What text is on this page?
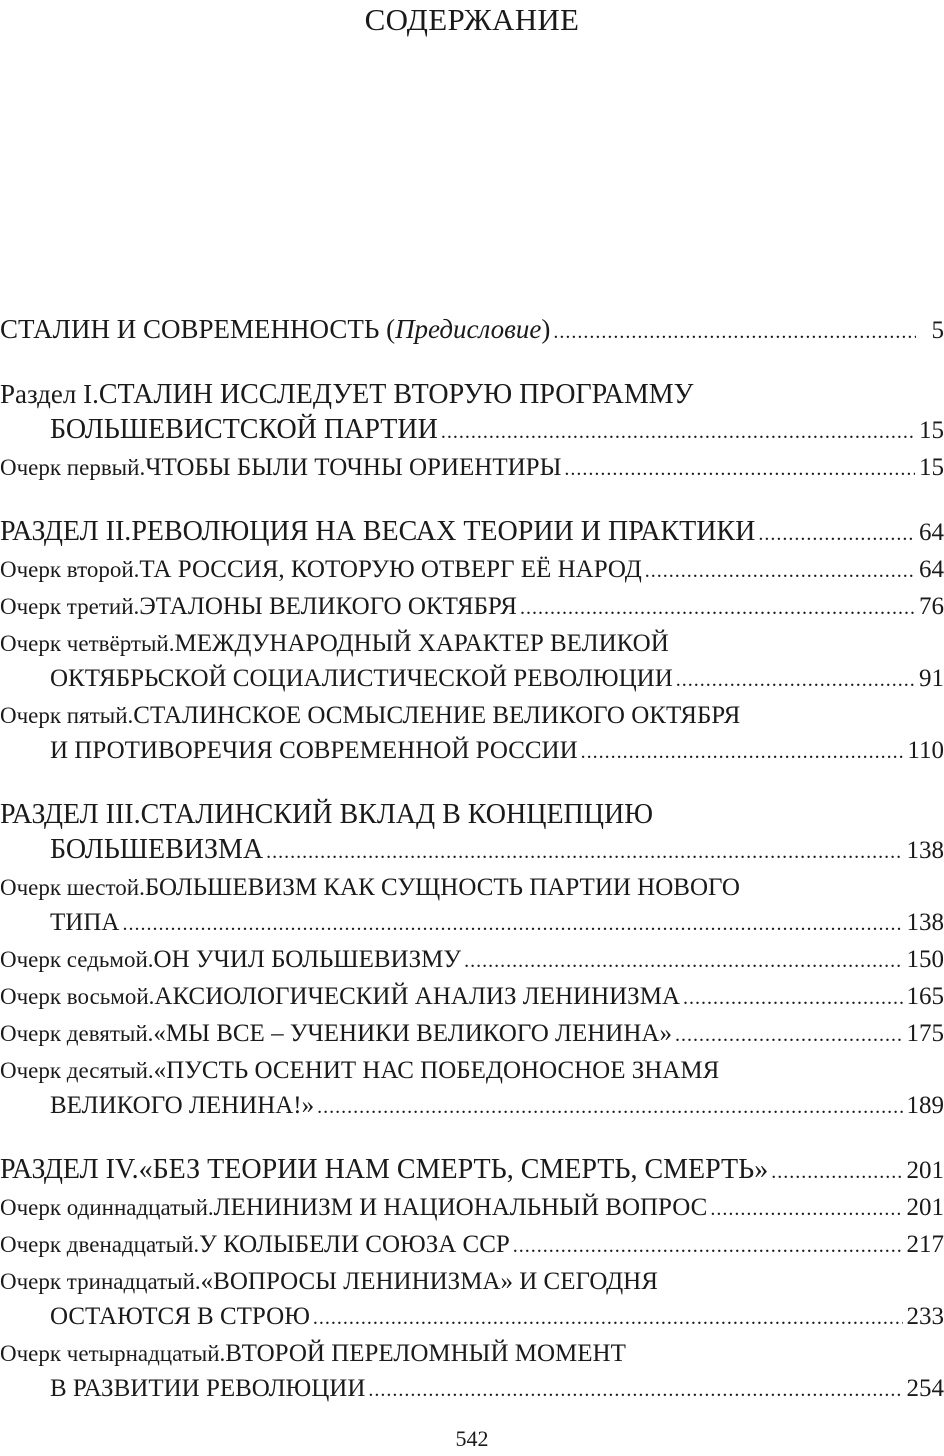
СОДЕРЖАНИЕ
СТАЛИН И СОВРЕМЕННОСТЬ (Предисловие) .....	5
Раздел I. СТАЛИН ИССЛЕДУЕТ ВТОРУЮ ПРОГРАММУ
БОЛЬШЕВИСТСКОЙ ПАРТИИ .....	15
Очерк первый. ЧТОБЫ БЫЛИ ТОЧНЫ ОРИЕНТИРЫ .....	15
РАЗДЕЛ II. РЕВОЛЮЦИЯ НА ВЕСАХ ТЕОРИИ И ПРАКТИКИ .....	64
Очерк второй. ТА РОССИЯ, КОТОРУЮ ОТВЕРГ ЕЁ НАРОД .....	64
Очерк третий. ЭТАЛОНЫ ВЕЛИКОГО ОКТЯБРЯ .....	76
Очерк четвёртый. МЕЖДУНАРОДНЫЙ ХАРАКТЕР ВЕЛИКОЙ
ОКТЯБРЬСКОЙ СОЦИАЛИСТИЧЕСКОЙ РЕВОЛЮЦИИ .....	91
Очерк пятый. СТАЛИНСКОЕ ОСМЫСЛЕНИЕ ВЕЛИКОГО ОКТЯБРЯ
И ПРОТИВОРЕЧИЯ СОВРЕМЕННОЙ РОССИИ .....	110
РАЗДЕЛ III. СТАЛИНСКИЙ ВКЛАД В КОНЦЕПЦИЮ
БОЛЬШЕВИЗМА .....	138
Очерк шестой. БОЛЬШЕВИЗМ КАК СУЩНОСТЬ ПАРТИИ НОВОГО
ТИПА .....	138
Очерк седьмой. ОН УЧИЛ БОЛЬШЕВИЗМУ .....	150
Очерк восьмой. АКСИОЛОГИЧЕСКИЙ АНАЛИЗ ЛЕНИНИЗМА .....	165
Очерк девятый. «МЫ ВСЕ – УЧЕНИКИ ВЕЛИКОГО ЛЕНИНА» .....	175
Очерк десятый. «ПУСТЬ ОСЕНИТ НАС ПОБЕДОНОСНОЕ ЗНАМЯ
ВЕЛИКОГО ЛЕНИНА!» .....	189
РАЗДЕЛ IV. «БЕЗ ТЕОРИИ НАМ СМЕРТЬ, СМЕРТЬ, СМЕРТЬ» .....	201
Очерк одиннадцатый. ЛЕНИНИЗМ И НАЦИОНАЛЬНЫЙ ВОПРОС .....	201
Очерк двенадцатый. У КОЛЫБЕЛИ СОЮЗА ССР .....	217
Очерк тринадцатый. «ВОПРОСЫ ЛЕНИНИЗМА» И СЕГОДНЯ
ОСТАЮТСЯ В СТРОЮ .....	233
Очерк четырнадцатый. ВТОРОЙ ПЕРЕЛОМНЫЙ МОМЕНТ
В РАЗВИТИИ РЕВОЛЮЦИИ .....	254
542
